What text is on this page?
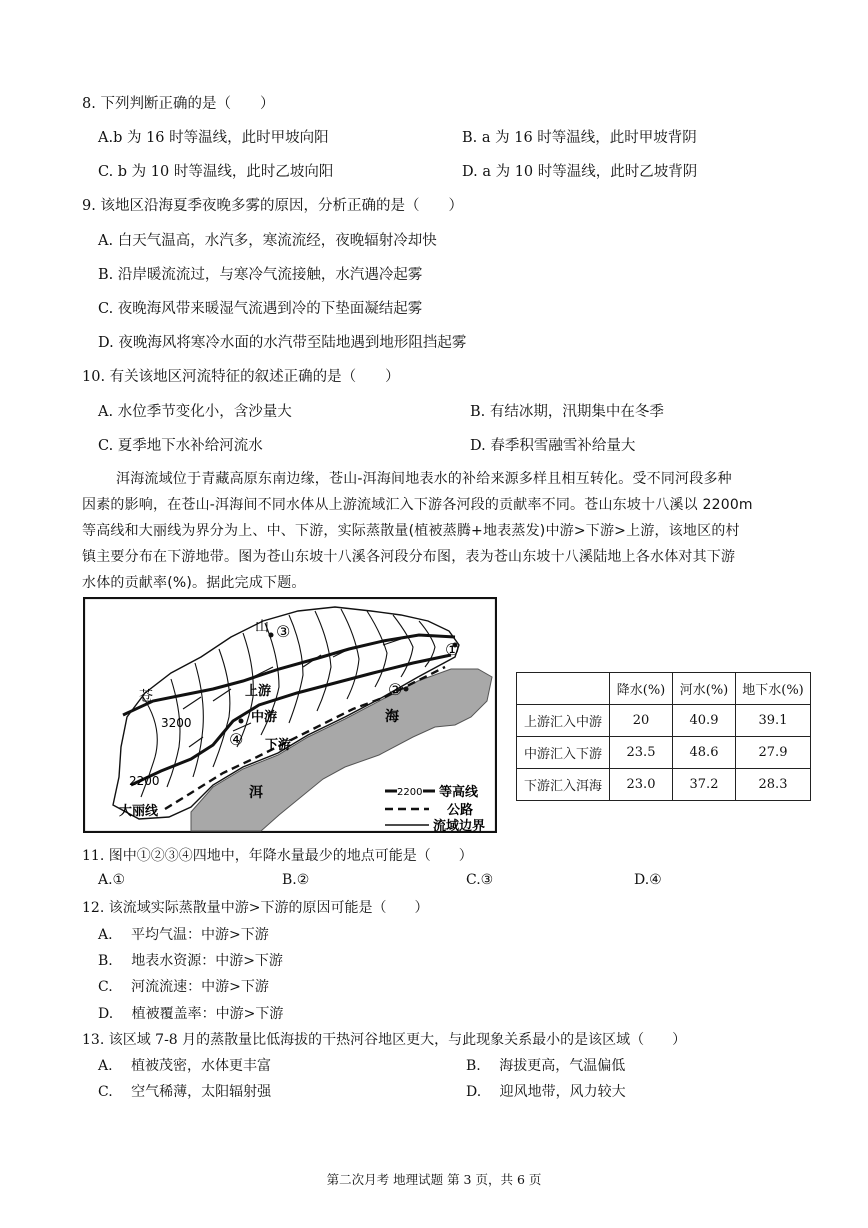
8. 下列判断正确的是（　　）
A.b 为 16 时等温线，此时甲坡向阳	B. a 为 16 时等温线，此时甲坡背阴
C. b 为 10 时等温线，此时乙坡向阳	D. a 为 10 时等温线，此时乙坡背阴
9. 该地区沿海夏季夜晚多雾的原因，分析正确的是（　　）
A. 白天气温高，水汽多，寒流流经，夜晚辐射冷却快
B. 沿岸暖流流过，与寒冷气流接触，水汽遇冷起雾
C. 夜晚海风带来暖湿气流遇到冷的下垫面凝结起雾
D. 夜晚海风将寒冷水面的水汽带至陆地遇到地形阻挡起雾
10. 有关该地区河流特征的叙述正确的是（　　）
A. 水位季节变化小，含沙量大	B. 有结冰期，汛期集中在冬季
C. 夏季地下水补给河流水	D. 春季积雪融雪补给量大
洱海流域位于青藏高原东南边缘，苍山-洱海间地表水的补给来源多样且相互转化。受不同河段多种
因素的影响，在苍山-洱海间不同水体从上游流域汇入下游各河段的贡献率不同。苍山东坡十八溪以 2200m
等高线和大丽线为界分为上、中、下游，实际蒸散量(植被蒸腾+地表蒸发)中游>下游>上游，该地区的村
镇主要分布在下游地带。图为苍山东坡十八溪各河段分布图，表为苍山东坡十八溪陆地上各水体对其下游
水体的贡献率(%)。据此完成下题。
①
②
③
④
山
苍	上游
中游
下游
海
洱
3200
2200
大丽线
2200 等高线
公路
流域边界
	降水(%)	河水(%)	地下水(%)
上游汇入中游	20	40.9	39.1
中游汇入下游	23.5	48.6	27.9
下游汇入洱海	23.0	37.2	28.3
11. 图中①②③④四地中，年降水量最少的地点可能是（　　）
A.①	B.②	C.③	D.④
12. 该流域实际蒸散量中游>下游的原因可能是（　　）
A.　 平均气温：中游>下游
B.　 地表水资源：中游>下游
C.　 河流流速：中游>下游
D.　 植被覆盖率：中游>下游
13. 该区域 7-8 月的蒸散量比低海拔的干热河谷地区更大，与此现象关系最小的是该区域（　　）
A.　 植被茂密，水体更丰富	B.　 海拔更高，气温偏低
C.　 空气稀薄，太阳辐射强	D.　 迎风地带，风力较大
第二次月考 地理试题 第 3 页，共 6 页
